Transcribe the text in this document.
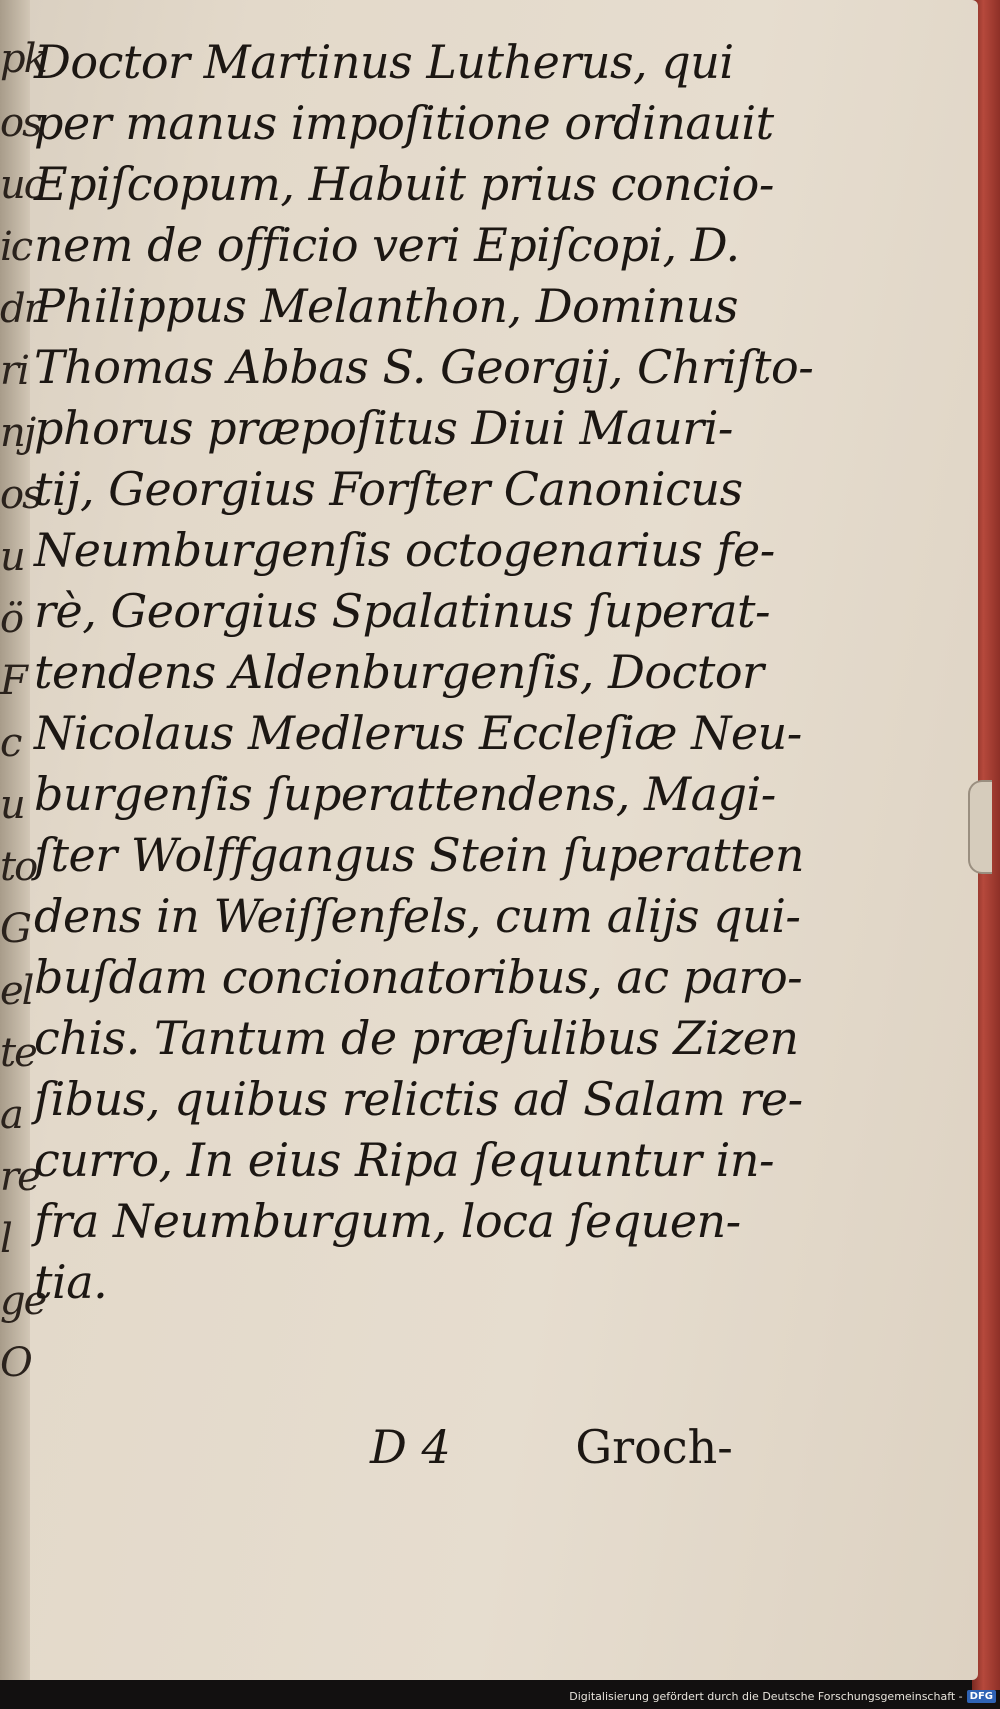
pk
os
uc
ic
dr
ri
nj
os
u
ö
F
c
u
to
G
el
te
a
re
l
ge
O
Doctor Martinus Lutherus, qui
per manus impoſitione ordinauit
Epiſcopum, Habuit prius concio-
nem de officio veri Epiſcopi, D.
Philippus Melanthon, Dominus
Thomas Abbas S. Georgij, Chriſto-
phorus præpoſitus Diui Mauri-
tij, Georgius Forſter Canonicus
Neumburgenſis octogenarius fe-
rè, Georgius Spalatinus ſuperat-
tendens Aldenburgenſis, Doctor
Nicolaus Medlerus Eccleſiæ Neu-
burgenſis ſuperattendens, Magi-
ſter Wolffgangus Stein ſuperatten
dens in Weiſſenfels, cum alijs qui-
buſdam concionatoribus, ac paro-
chis. Tantum de præſulibus Zizen
ſibus, quibus relictis ad Salam re-
curro, In eius Ripa ſequuntur in-
fra Neumburgum, loca ſequen-
tia.
D 4	Groch-
Digitalisierung gefördert durch die Deutsche Forschungsgemeinschaft - DFG
